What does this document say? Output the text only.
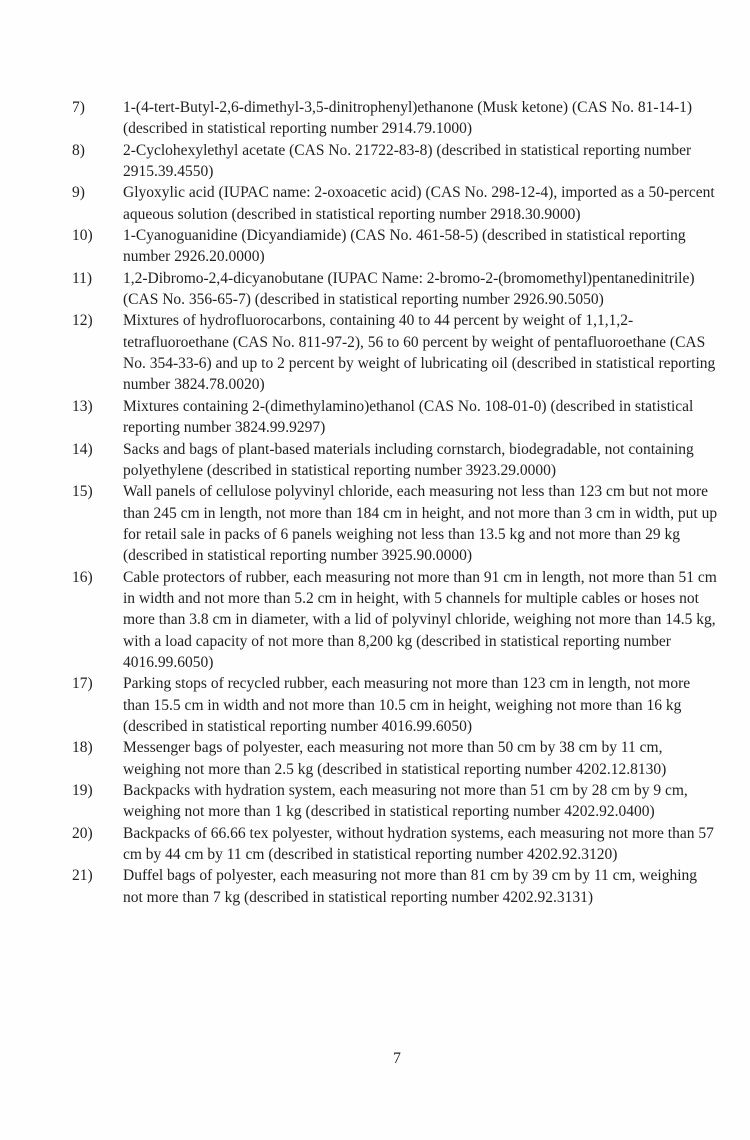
7)	1-(4-tert-Butyl-2,6-dimethyl-3,5-dinitrophenyl)ethanone (Musk ketone) (CAS No. 81-14-1) (described in statistical reporting number 2914.79.1000)
8)	2-Cyclohexylethyl acetate (CAS No. 21722-83-8) (described in statistical reporting number 2915.39.4550)
9)	Glyoxylic acid (IUPAC name: 2-oxoacetic acid) (CAS No. 298-12-4), imported as a 50-percent aqueous solution (described in statistical reporting number 2918.30.9000)
10)	1-Cyanoguanidine (Dicyandiamide) (CAS No. 461-58-5) (described in statistical reporting number 2926.20.0000)
11)	1,2-Dibromo-2,4-dicyanobutane (IUPAC Name: 2-bromo-2-(bromomethyl)pentanedinitrile) (CAS No. 356-65-7) (described in statistical reporting number 2926.90.5050)
12)	Mixtures of hydrofluorocarbons, containing 40 to 44 percent by weight of 1,1,1,2-tetrafluoroethane (CAS No. 811-97-2), 56 to 60 percent by weight of pentafluoroethane (CAS No. 354-33-6) and up to 2 percent by weight of lubricating oil (described in statistical reporting number 3824.78.0020)
13)	Mixtures containing 2-(dimethylamino)ethanol (CAS No. 108-01-0) (described in statistical reporting number 3824.99.9297)
14)	Sacks and bags of plant-based materials including cornstarch, biodegradable, not containing polyethylene (described in statistical reporting number 3923.29.0000)
15)	Wall panels of cellulose polyvinyl chloride, each measuring not less than 123 cm but not more than 245 cm in length, not more than 184 cm in height, and not more than 3 cm in width, put up for retail sale in packs of 6 panels weighing not less than 13.5 kg and not more than 29 kg (described in statistical reporting number 3925.90.0000)
16)	Cable protectors of rubber, each measuring not more than 91 cm in length, not more than 51 cm in width and not more than 5.2 cm in height, with 5 channels for multiple cables or hoses not more than 3.8 cm in diameter, with a lid of polyvinyl chloride, weighing not more than 14.5 kg, with a load capacity of not more than 8,200 kg (described in statistical reporting number 4016.99.6050)
17)	Parking stops of recycled rubber, each measuring not more than 123 cm in length, not more than 15.5 cm in width and not more than 10.5 cm in height, weighing not more than 16 kg (described in statistical reporting number 4016.99.6050)
18)	Messenger bags of polyester, each measuring not more than 50 cm by 38 cm by 11 cm, weighing not more than 2.5 kg (described in statistical reporting number 4202.12.8130)
19)	Backpacks with hydration system, each measuring not more than 51 cm by 28 cm by 9 cm, weighing not more than 1 kg (described in statistical reporting number 4202.92.0400)
20)	Backpacks of 66.66 tex polyester, without hydration systems, each measuring not more than 57 cm by 44 cm by 11 cm (described in statistical reporting number 4202.92.3120)
21)	Duffel bags of polyester, each measuring not more than 81 cm by 39 cm by 11 cm, weighing not more than 7 kg (described in statistical reporting number 4202.92.3131)
7
